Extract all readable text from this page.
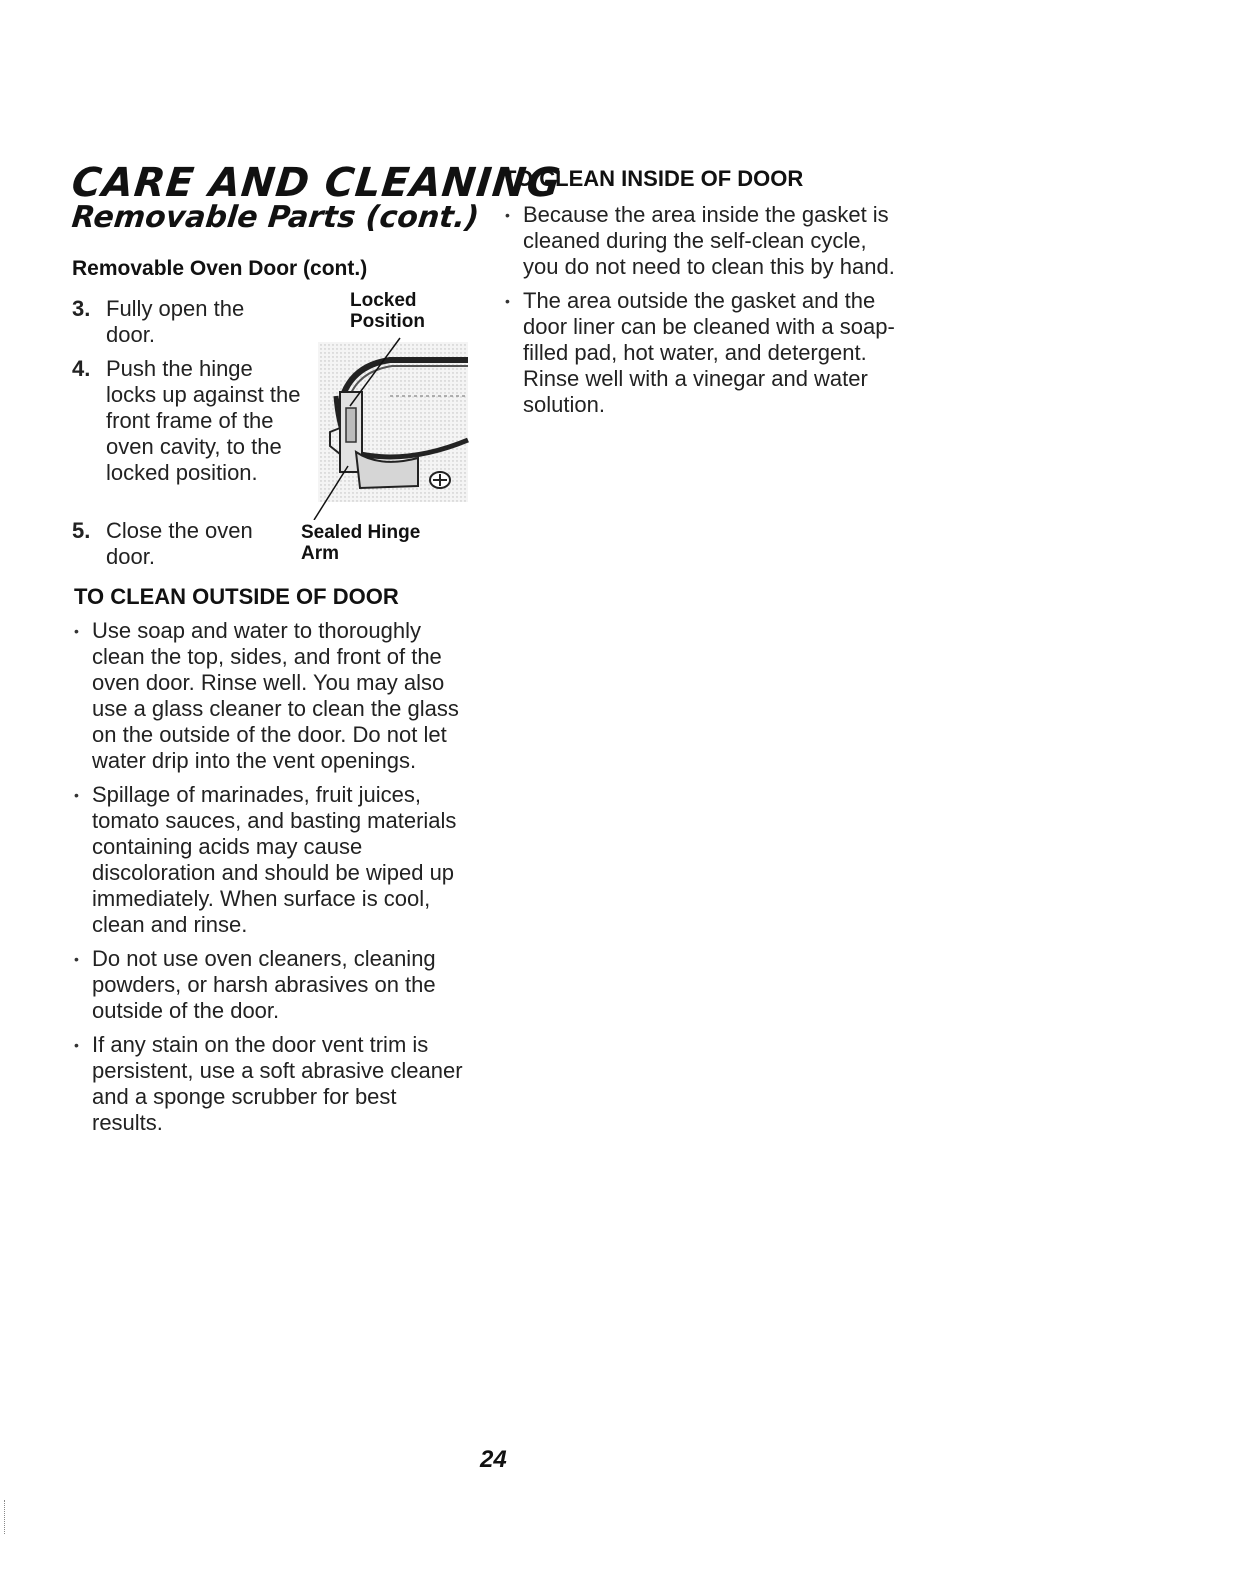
CARE AND CLEANING
Removable Parts (cont.)
Removable Oven Door (cont.)
3. Fully open the door.
4. Push the hinge locks up against the front frame of the oven cavity, to the locked position.
5. Close the oven door.
Locked Position
Sealed Hinge Arm
TO CLEAN OUTSIDE OF DOOR
• Use soap and water to thoroughly clean the top, sides, and front of the oven door. Rinse well. You may also use a glass cleaner to clean the glass on the outside of the door. Do not let water drip into the vent openings.
• Spillage of marinades, fruit juices, tomato sauces, and basting materials containing acids may cause discoloration and should be wiped up immediately. When surface is cool, clean and rinse.
• Do not use oven cleaners, cleaning powders, or harsh abrasives on the outside of the door.
• If any stain on the door vent trim is persistent, use a soft abrasive cleaner and a sponge scrubber for best results.
TO CLEAN INSIDE OF DOOR
• Because the area inside the gasket is cleaned during the self-clean cycle, you do not need to clean this by hand.
• The area outside the gasket and the door liner can be cleaned with a soap-filled pad, hot water, and detergent. Rinse well with a vinegar and water solution.
24
